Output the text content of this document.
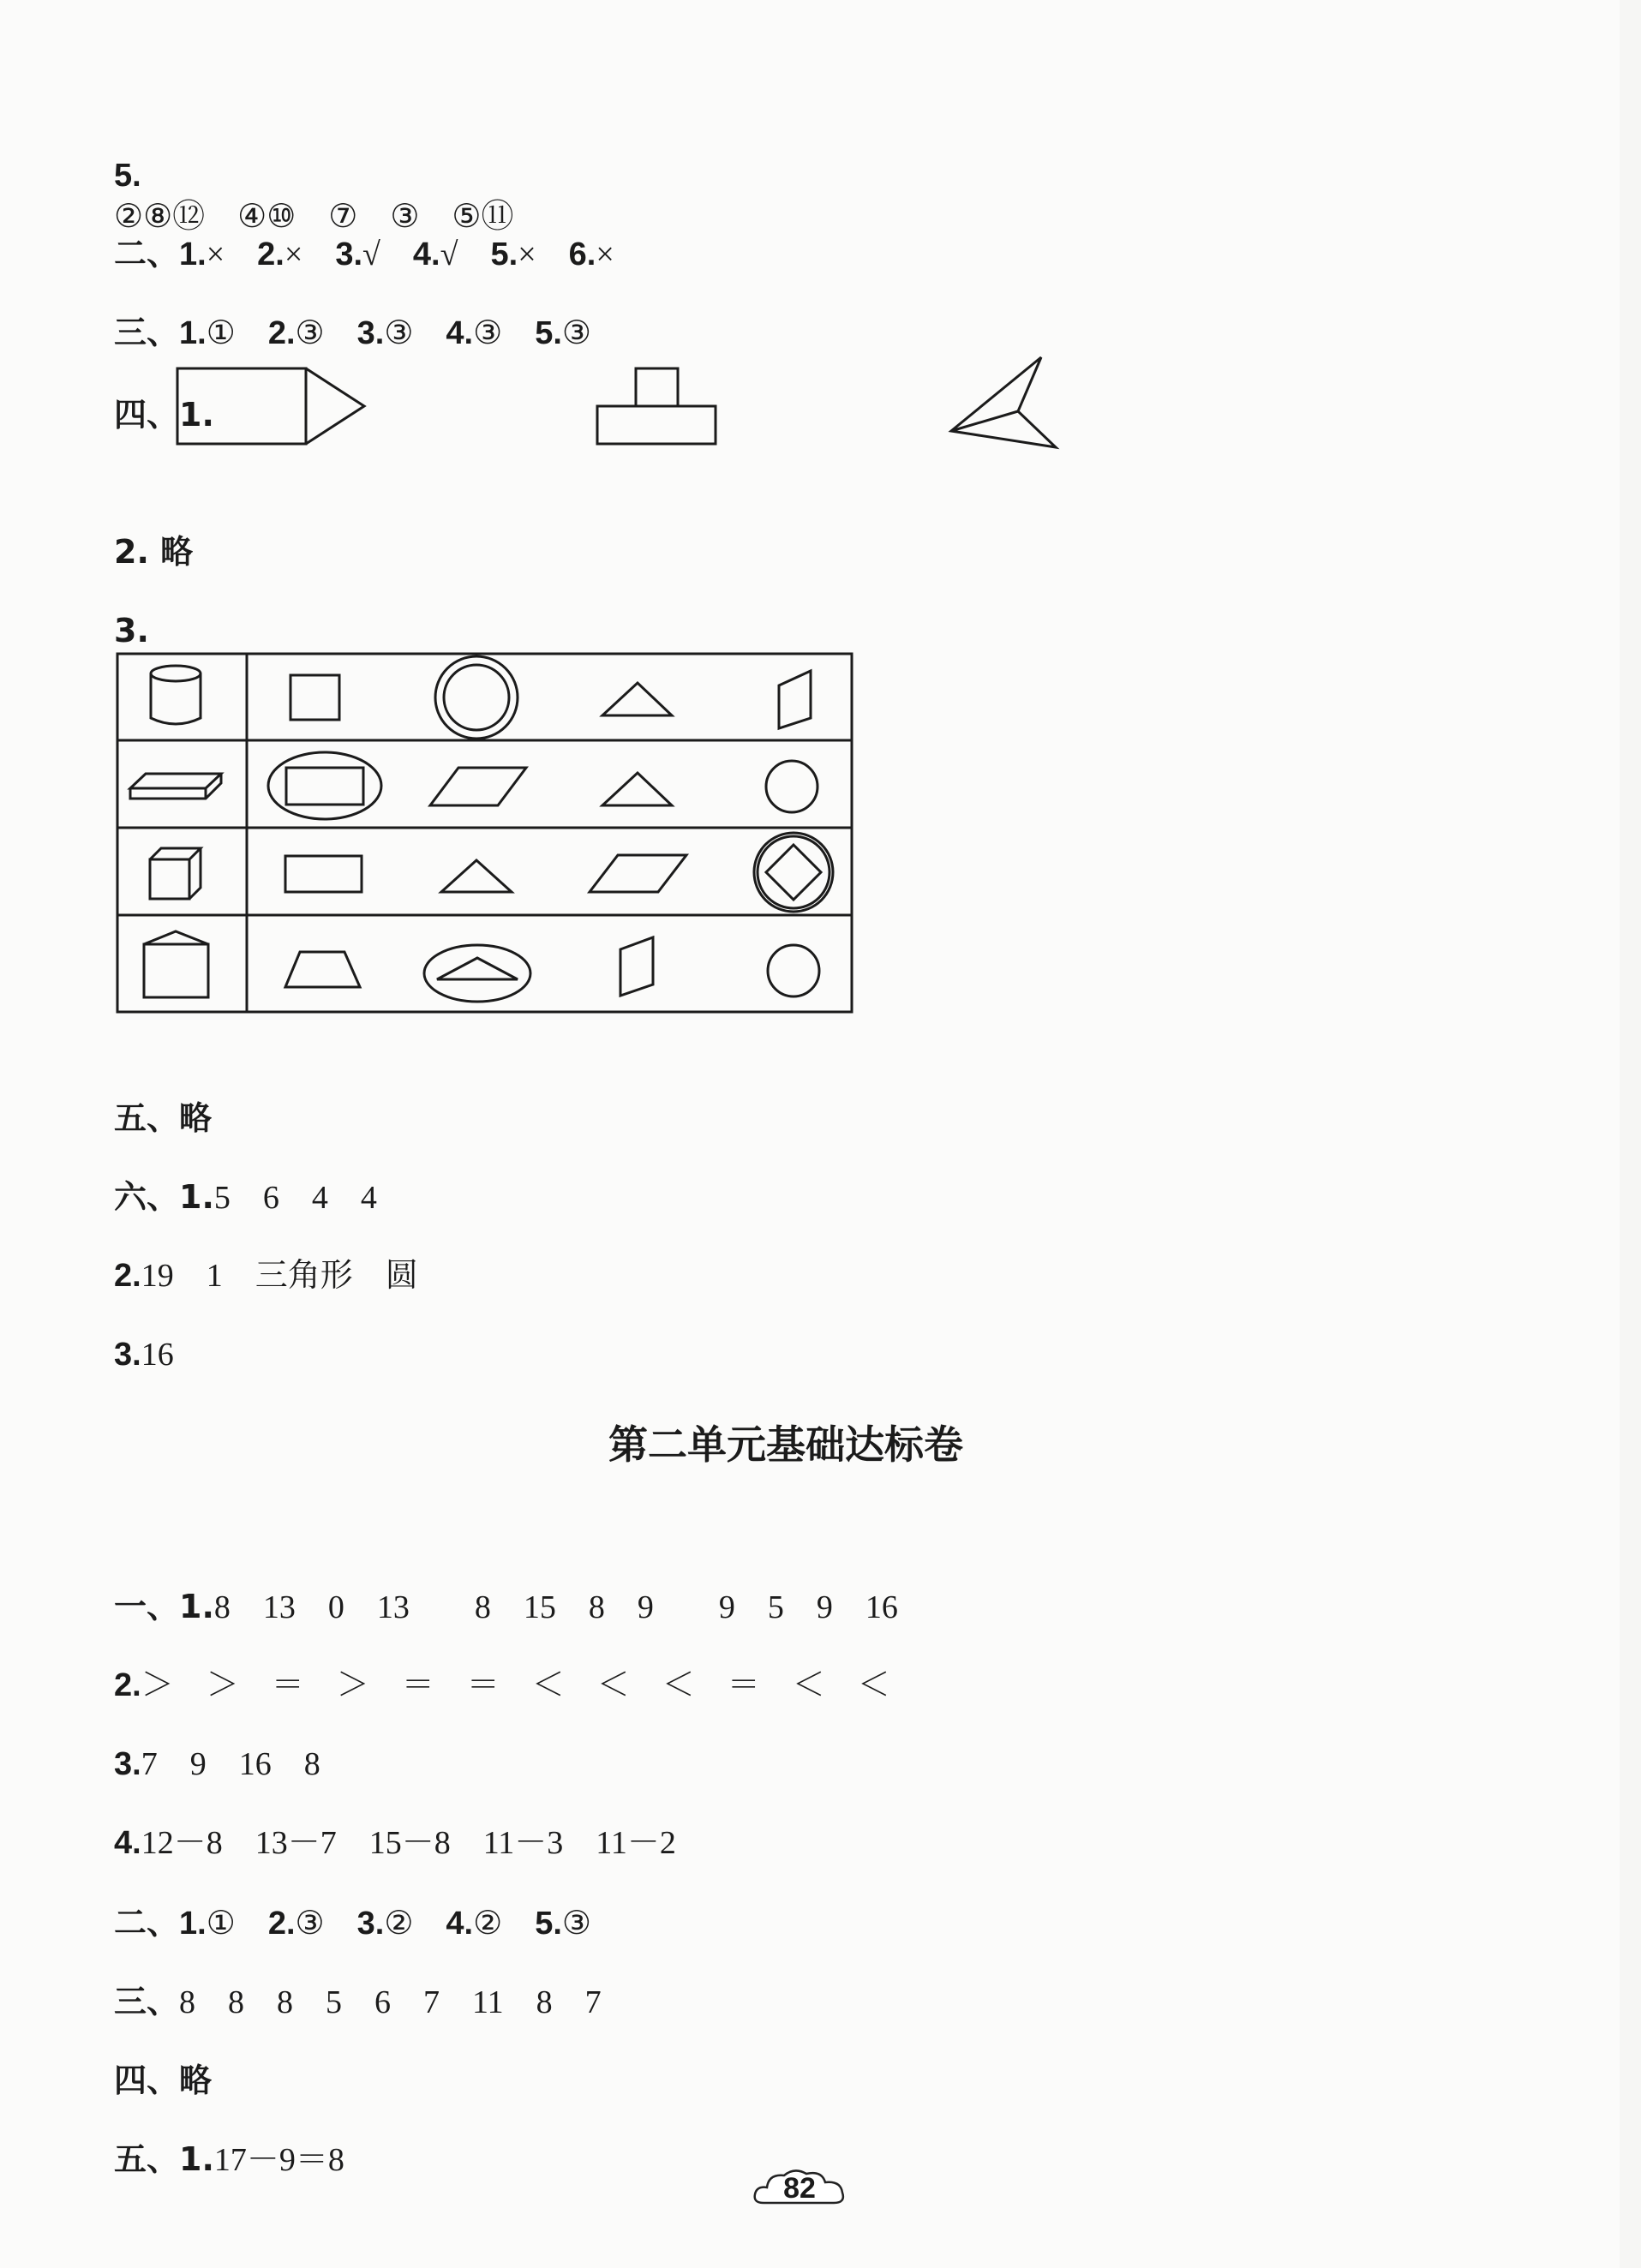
5.
②⑧⑫　④⑩　⑦　③　⑤⑪

二、1.×　 2.×　 3.√　 4.√　 5.×　 6.×

三、1.①　 2.③　 3.③　 4.③　 5.③

四、1.

2. 略

3.

五、略

六、1.5　6　4　4

2.19　1　三角形　圆

3.16

第二单元基础达标卷

一、1.8　13　0　13　　8　15　8　9　　9　5　9　16

2.＞　＞　＝　＞　＝　＝　＜　＜　＜　＝　＜　＜

3.7　9　16　8

4.12－8　13－7　15－8　11－3　11－2

二、1.①　 2.③　 3.②　 4.②　 5.③

三、8　8　8　5　6　7　11　8　7

四、略

五、1.17－9＝8

82
